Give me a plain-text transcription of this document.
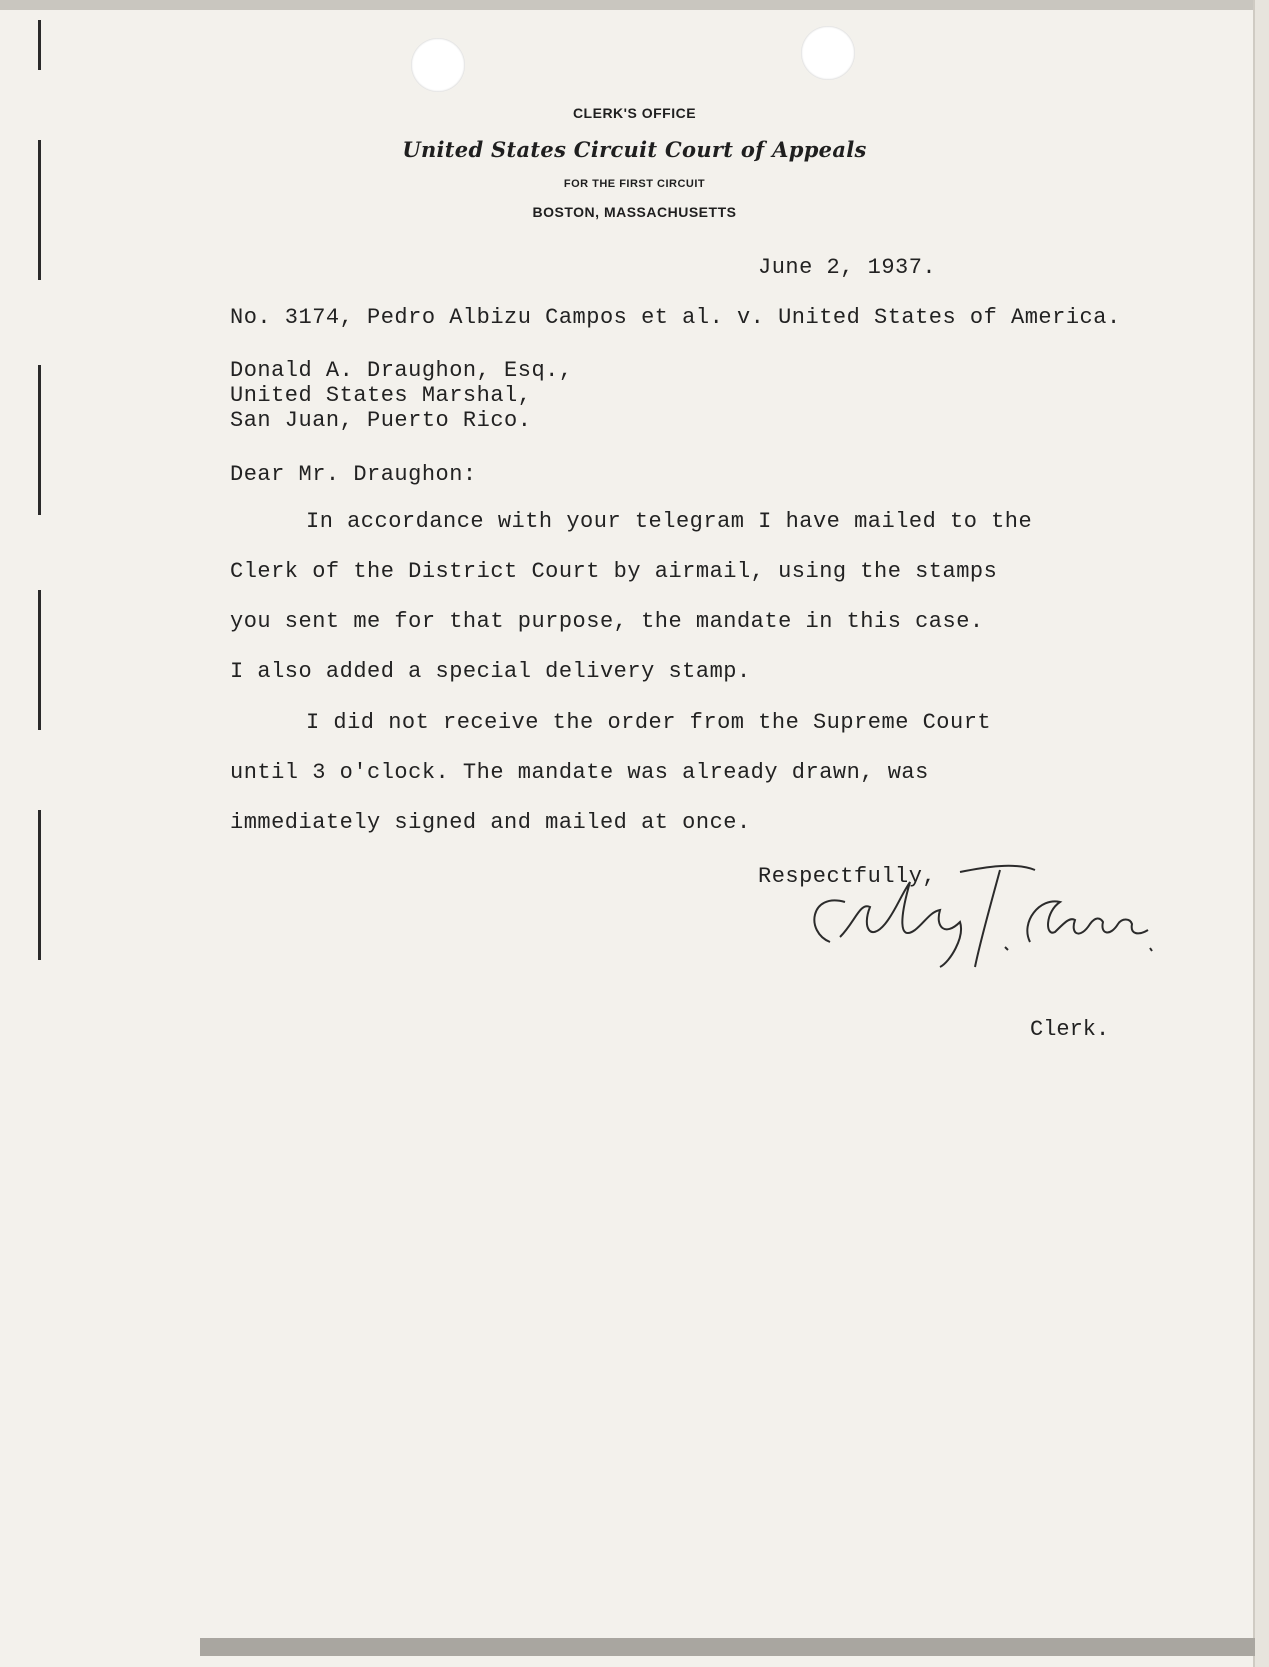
CLERK'S OFFICE
United States Circuit Court of Appeals
FOR THE FIRST CIRCUIT
BOSTON, MASSACHUSETTS
June 2, 1937.
No. 3174, Pedro Albizu Campos et al. v. United States of America.
Donald A. Draughon, Esq.,
United States Marshal,
San Juan, Puerto Rico.
Dear Mr. Draughon:
In accordance with your telegram I have mailed to the
Clerk of the District Court by airmail, using the stamps
you sent me for that purpose, the mandate in this case.
I also added a special delivery stamp.
I did not receive the order from the Supreme Court
until 3 o'clock. The mandate was already drawn, was
immediately signed and mailed at once.
Respectfully,
Clerk.
